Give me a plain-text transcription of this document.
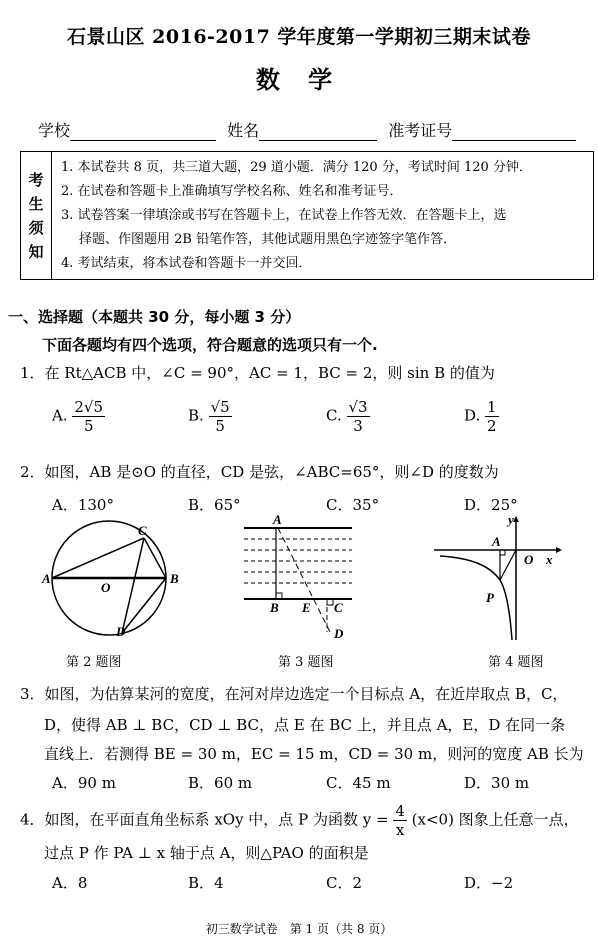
石景山区 2016-2017 学年度第一学期初三期末试卷
数 学
学校	姓名	准考证号
考
生
须
知
1. 本试卷共 8 页，共三道大题，29 道小题．满分 120 分，考试时间 120 分钟．
2. 在试卷和答题卡上准确填写学校名称、姓名和准考证号．
3. 试卷答案一律填涂或书写在答题卡上，在试卷上作答无效．在答题卡上，选
择题、作图题用 2B 铅笔作答，其他试题用黑色字迹签字笔作答．
4. 考试结束，将本试卷和答题卡一并交回．
一、选择题（本题共 30 分，每小题 3 分）
下面各题均有四个选项，符合题意的选项只有一个.
1．在 Rt△ACB 中，∠C = 90°，AC = 1，BC = 2，则 sin B 的值为
A. $\frac{2√5}{5}$	B. $\frac{√5}{5}$	C. $\frac{√3}{3}$	D. $\frac{1}{2}$
2．如图，AB 是⊙O 的直径，CD 是弦，∠ABC=65°，则∠D 的度数为
A．130°	B．65°	C．35°	D．25°
A	B
C
D
O
第 2 题图
A
B E C
D
第 3 题图
y
x
O
A
P
第 4 题图
3．如图，为估算某河的宽度，在河对岸边选定一个目标点 A，在近岸取点 B，C，
D，使得 AB ⊥ BC，CD ⊥ BC，点 E 在 BC 上，并且点 A，E，D 在同一条
直线上．若测得 BE = 30 m，EC = 15 m，CD = 30 m，则河的宽度 AB 长为
A．90 m	B．60 m	C．45 m	D．30 m
4．如图，在平面直角坐标系 xOy 中，点 P 为函数 $y = \frac{4}{x} (x<0)$ 图象上任意一点，
过点 P 作 PA ⊥ x 轴于点 A，则△PAO 的面积是
A．8	B．4	C．2	D．−2
初三数学试卷　第 1 页（共 8 页）
